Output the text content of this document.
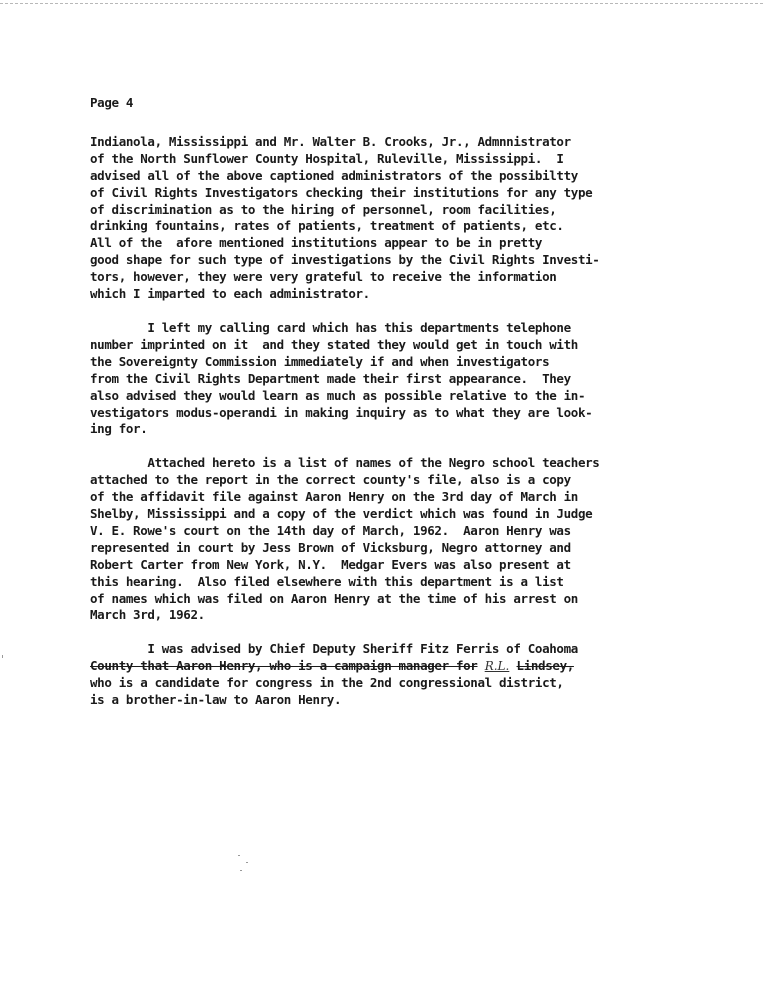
Page 4
Indianola, Mississippi and Mr. Walter B. Crooks, Jr., Admnnistrator
of the North Sunflower County Hospital, Ruleville, Mississippi.  I
advised all of the above captioned administrators of the possibiltty
of Civil Rights Investigators checking their institutions for any type
of discrimination as to the hiring of personnel, room facilities,
drinking fountains, rates of patients, treatment of patients, etc.
All of the  afore mentioned institutions appear to be in pretty
good shape for such type of investigations by the Civil Rights Investi-
tors, however, they were very grateful to receive the information
which I imparted to each administrator.
I left my calling card which has this departments telephone
number imprinted on it  and they stated they would get in touch with
the Sovereignty Commission immediately if and when investigators
from the Civil Rights Department made their first appearance.  They
also advised they would learn as much as possible relative to the in-
vestigators modus-operandi in making inquiry as to what they are look-
ing for.
Attached hereto is a list of names of the Negro school teachers
attached to the report in the correct county's file, also is a copy
of the affidavit file against Aaron Henry on the 3rd day of March in
Shelby, Mississippi and a copy of the verdict which was found in Judge
V. E. Rowe's court on the 14th day of March, 1962.  Aaron Henry was
represented in court by Jess Brown of Vicksburg, Negro attorney and
Robert Carter from New York, N.Y.  Medgar Evers was also present at
this hearing.  Also filed elsewhere with this department is a list
of names which was filed on Aaron Henry at the time of his arrest on
March 3rd, 1962.
I was advised by Chief Deputy Sheriff Fitz Ferris of Coahoma
County that Aaron Henry, who is a campaign manager for R.L. Lindsey,
who is a candidate for congress in the 2nd congressional district,
is a brother-in-law to Aaron Henry.
